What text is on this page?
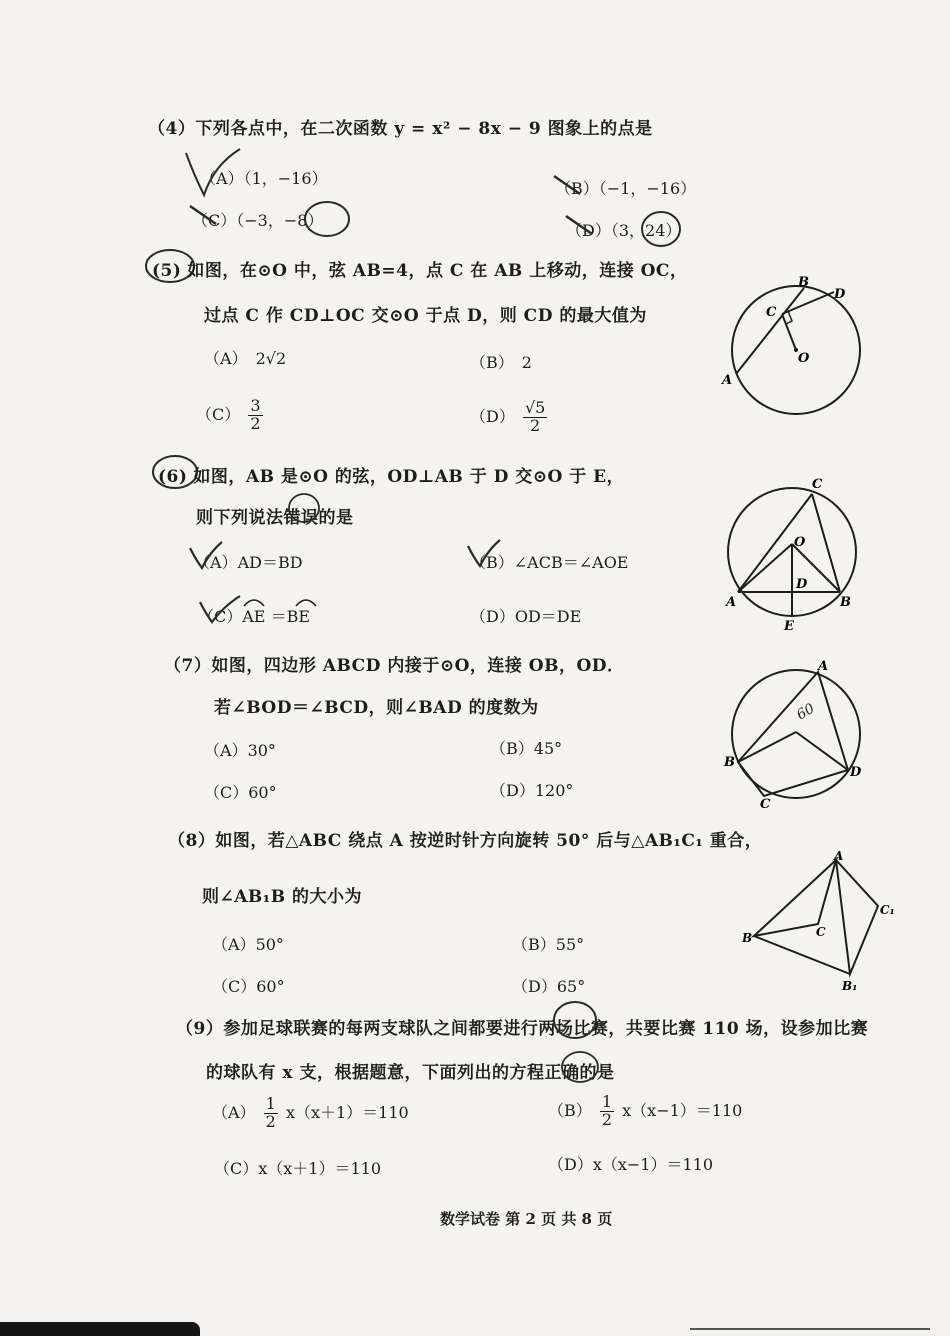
（4）下列各点中，在二次函数 y = x² − 8x − 9 图象上的点是
（A）（1，−16）
（B）（−1，−16）
（C）（−3，−8）
（D）（3，24）
(5) 如图，在⊙O 中，弦 AB=4，点 C 在 AB 上移动，连接 OC，
过点 C 作 CD⊥OC 交⊙O 于点 D，则 CD 的最大值为
（A） 2√2	（B） 2
$(C) \frac{3}{2}$	$(D) \frac{√5}{2}$
B
D
C
O
A
(6) 如图，AB 是⊙O 的弦，OD⊥AB 于 D 交⊙O 于 E，
则下列说法错误的是
（A）AD＝BD	（B）∠ACB＝∠AOE
（C）AE ＝BE	（D）OD＝DE
C
O
D
A	B
E
（7）如图，四边形 ABCD 内接于⊙O，连接 OB，OD．
若∠BOD＝∠BCD，则∠BAD 的度数为
（A）30°	（B）45°
（C）60°	（D）120°
60
A
B
D
C
（8）如图，若△ABC 绕点 A 按逆时针方向旋转 50° 后与△AB₁C₁ 重合，
则∠AB₁B 的大小为
（A）50°	（B）55°
（C）60°	（D）65°
A
C₁
B	C
B₁
（9）参加足球联赛的每两支球队之间都要进行两场比赛，共要比赛 110 场，设参加比赛
的球队有 x 支，根据题意，下面列出的方程正确的是
$(A) \frac{1}{2} x(x+1)=110$	$(B) \frac{1}{2} x(x-1)=110$
（C）x（x＋1）＝110	（D）x（x−1）＝110
数学试卷 第 2 页 共 8 页
